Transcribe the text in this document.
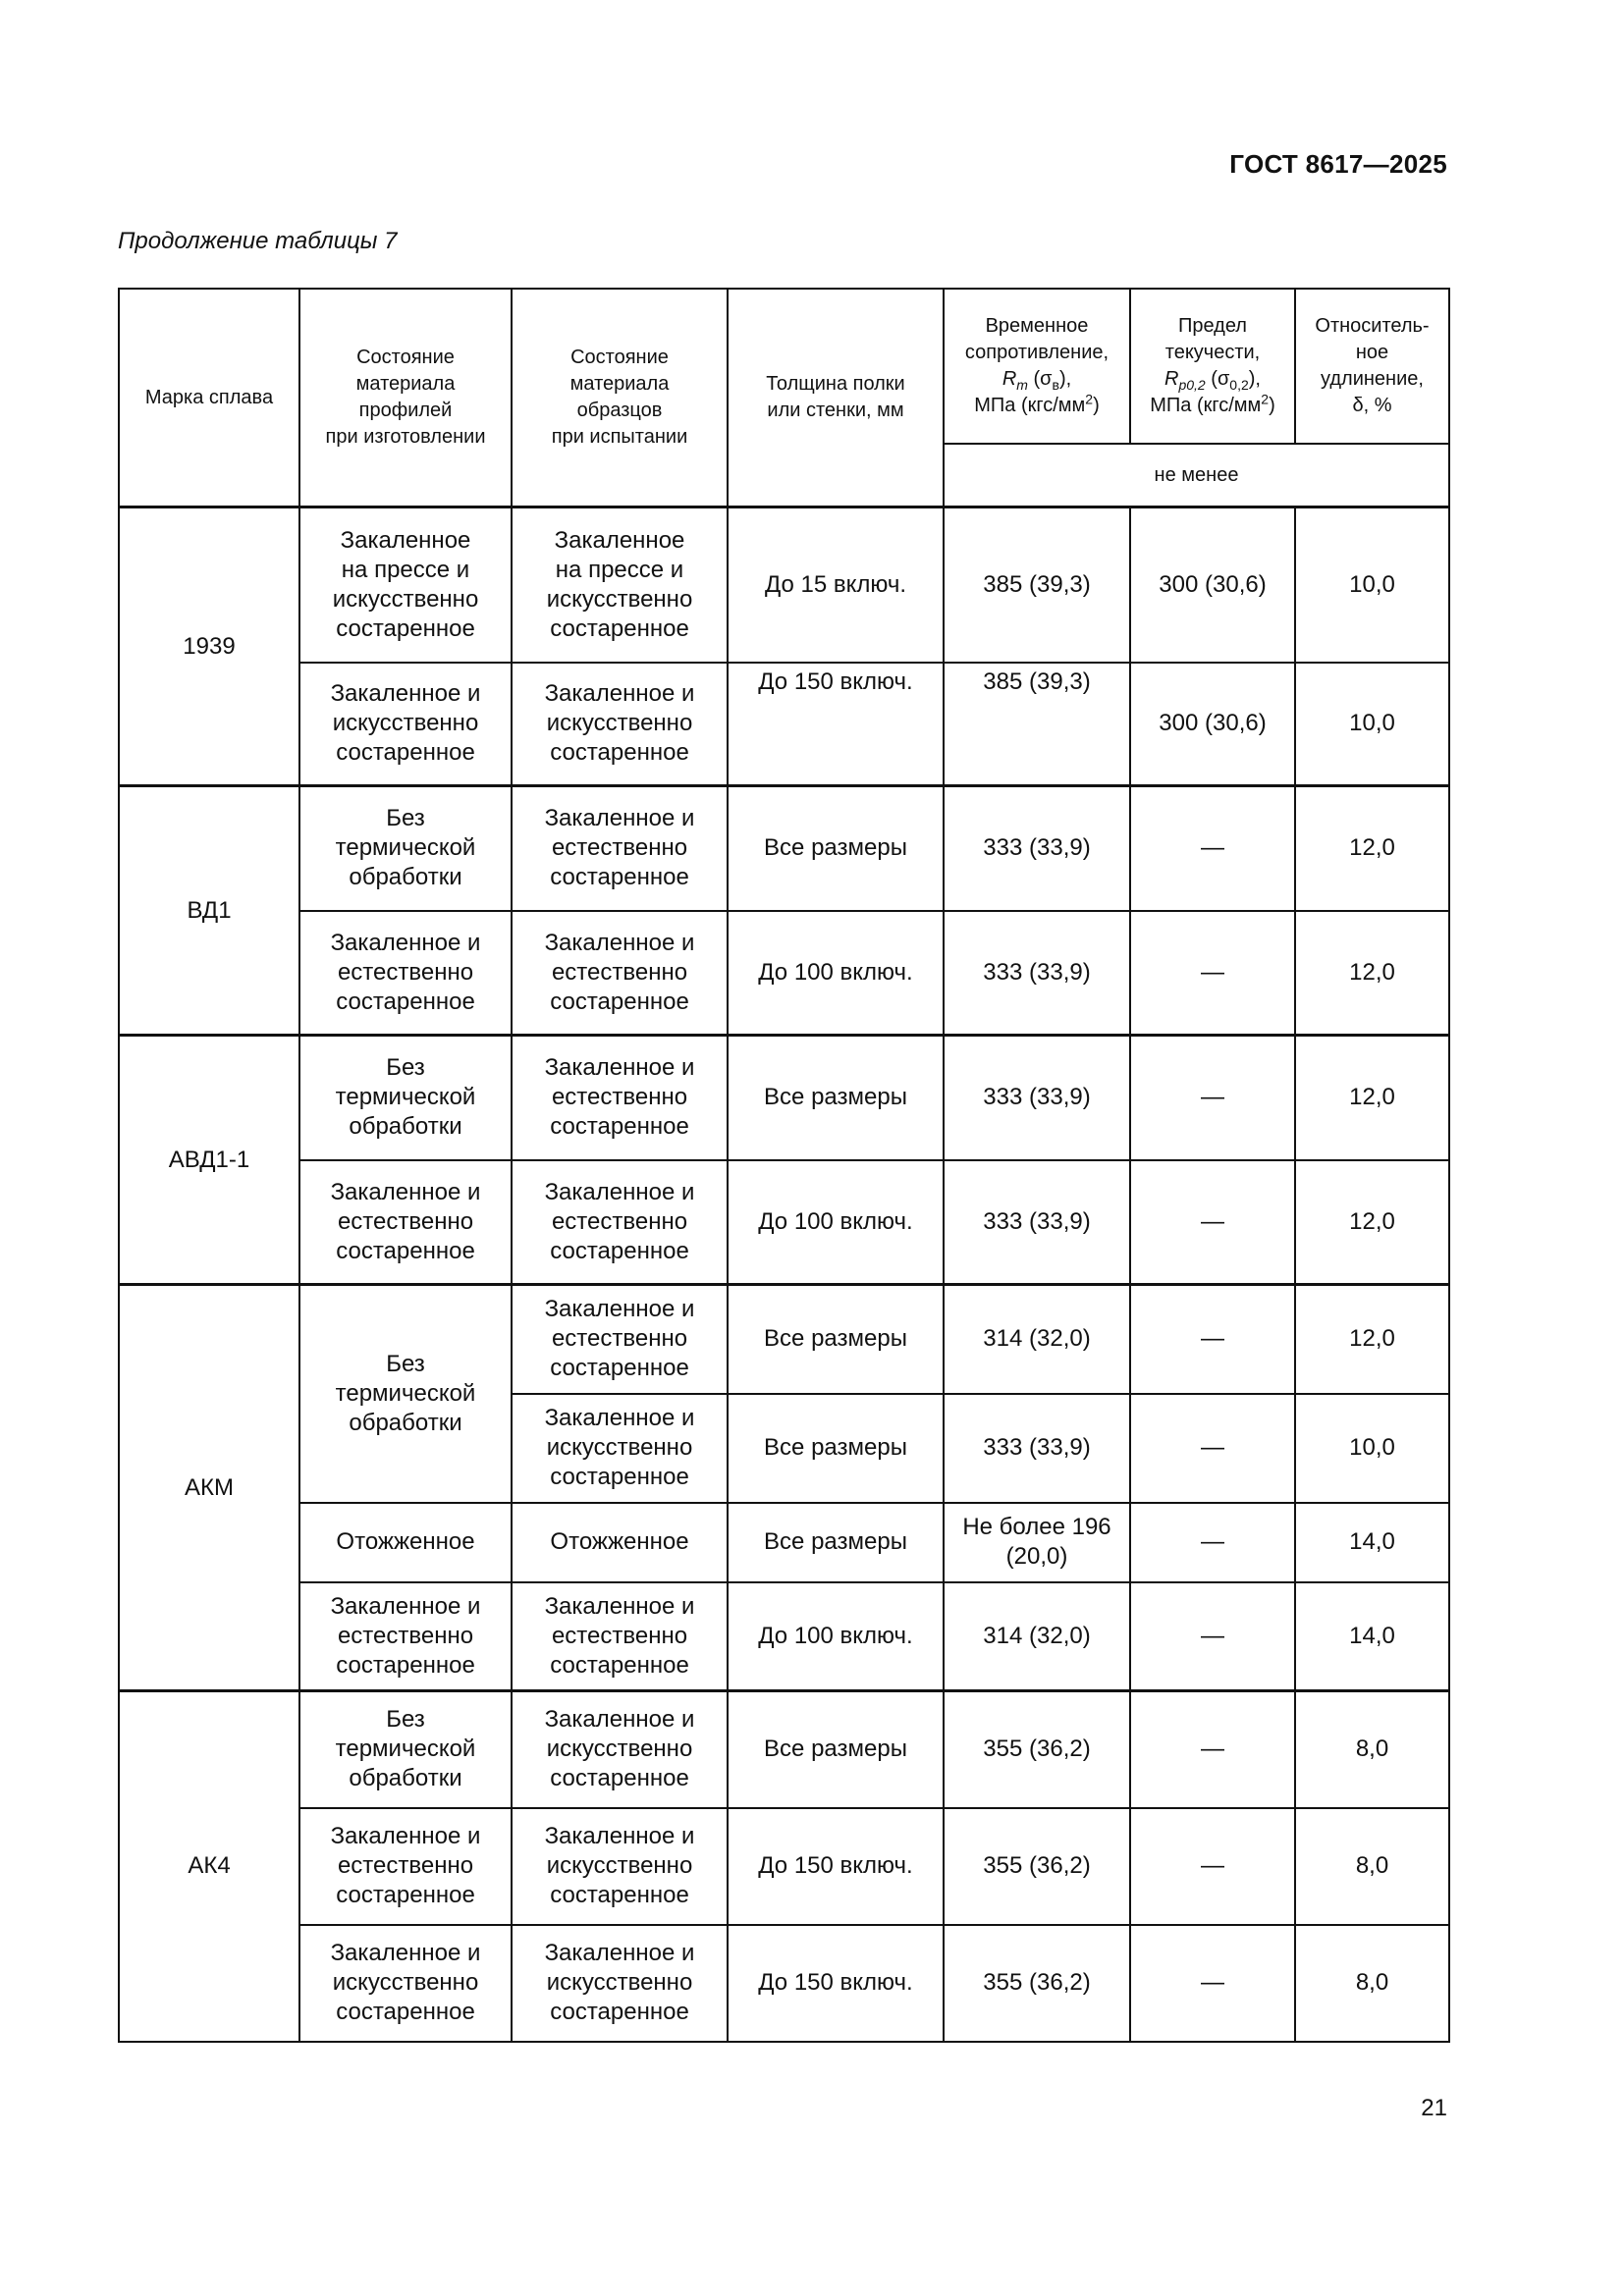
ГОСТ 8617—2025
Продолжение таблицы 7
Марка сплава	Состояние
материала
профилей
при изготовлении	Состояние
материала
образцов
при испытании	Толщина полки
или стенки, мм	Временное
сопротивление,
$R_m$ $(\sigma_в)$,
МПа $(кгс/мм^2)$	Предел
текучести,
$R_{p0,2}$ $(\sigma_{0,2})$,
МПа $(кгс/мм^2)$	Относитель-
ное
удлинение,
δ, %
				не менее		
1939	Закаленное
на прессе и
искусственно
состаренное	Закаленное
на прессе и
искусственно
состаренное	До 15 включ.	385 (39,3)	300 (30,6)	10,0
	Закаленное и
искусственно
состаренное	Закаленное и
искусственно
состаренное	До 150 включ.	385 (39,3)	300 (30,6)	10,0
ВД1	Без
термической
обработки	Закаленное и
естественно
состаренное	Все размеры	333 (33,9)	—	12,0
	Закаленное и
естественно
состаренное	Закаленное и
естественно
состаренное	До 100 включ.	333 (33,9)	—	12,0
АВД1-1	Без
термической
обработки	Закаленное и
естественно
состаренное	Все размеры	333 (33,9)	—	12,0
	Закаленное и
естественно
состаренное	Закаленное и
естественно
состаренное	До 100 включ.	333 (33,9)	—	12,0
АКМ	Без
термической
обработки	Закаленное и
естественно
состаренное	Все размеры	314 (32,0)	—	12,0
		Закаленное и
искусственно
состаренное	Все размеры	333 (33,9)	—	10,0
	Отожженное	Отожженное	Все размеры	Не более 196
(20,0)	—	14,0
	Закаленное и
естественно
состаренное	Закаленное и
естественно
состаренное	До 100 включ.	314 (32,0)	—	14,0
АК4	Без
термической
обработки	Закаленное и
искусственно
состаренное	Все размеры	355 (36,2)	—	8,0
	Закаленное и
естественно
состаренное	Закаленное и
искусственно
состаренное	До 150 включ.	355 (36,2)	—	8,0
	Закаленное и
искусственно
состаренное	Закаленное и
искусственно
состаренное	До 150 включ.	355 (36,2)	—	8,0
21
